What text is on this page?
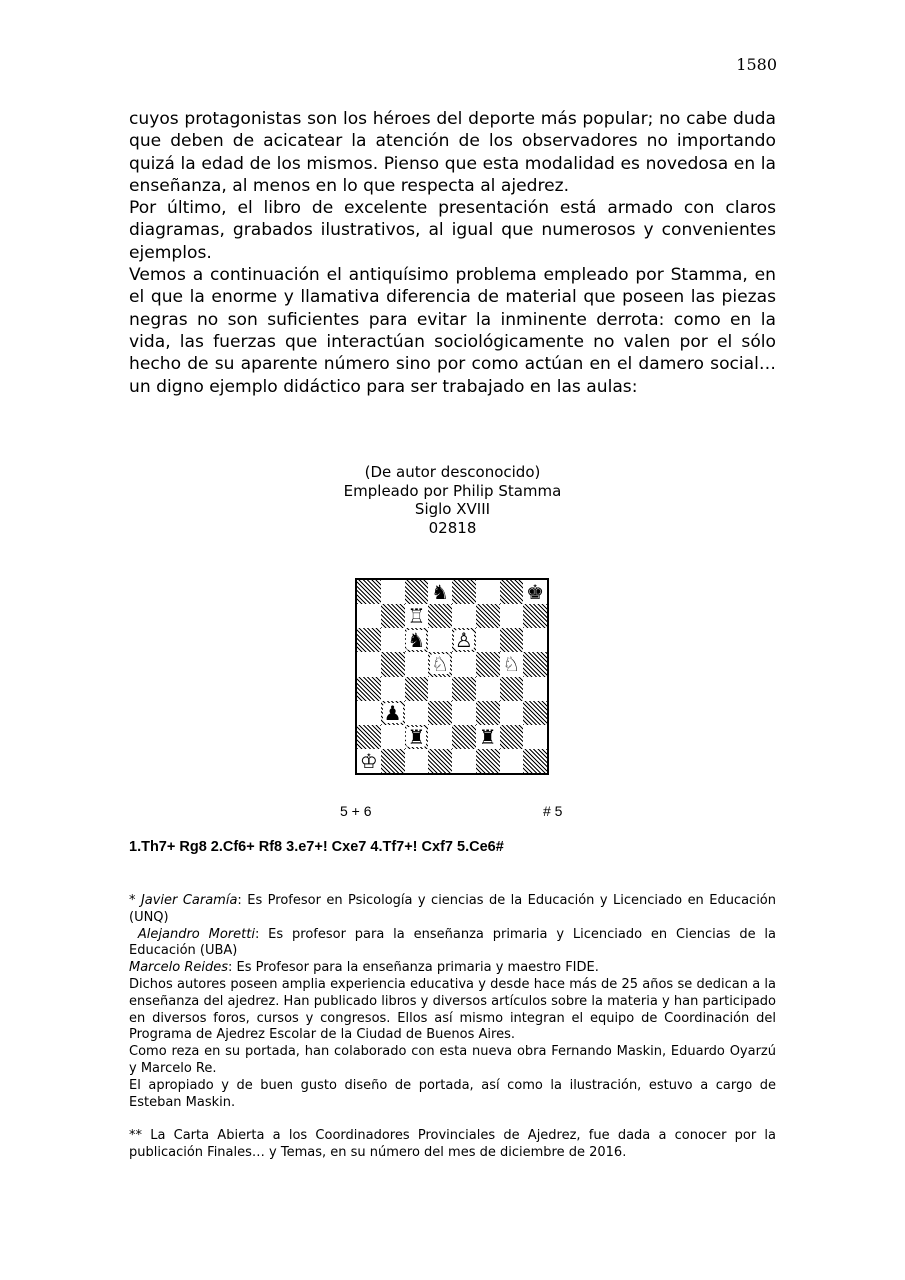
1580

cuyos protagonistas son los héroes del deporte más popular; no cabe duda que deben de acicatear la atención de los observadores no importando quizá la edad de los mismos. Pienso que esta modalidad es novedosa en la enseñanza, al menos en lo que respecta al ajedrez.

Por último, el libro de excelente presentación está armado con claros diagramas, grabados ilustrativos, al igual que numerosos y convenientes ejemplos.

Vemos a continuación el antiquísimo problema empleado por Stamma, en el que la enorme y llamativa diferencia de material que poseen las piezas negras no son suficientes para evitar la inminente derrota: como en la vida, las fuerzas que interactúan sociológicamente no valen por el sólo hecho de su aparente número sino por como actúan en el damero social… un digno ejemplo didáctico para ser trabajado en las aulas:

(De autor desconocido)
Empleado por Philip Stamma
Siglo XVIII
02818
♞	♚
♖
♞ ♙
♘	♘
♟
♜	♜
♔
5 + 6	# 5
1.Th7+ Rg8 2.Cf6+ Rf8 3.e7+! Cxe7 4.Tf7+! Cxf7 5.Ce6#

* Javier Caramía: Es Profesor en Psicología y ciencias de la Educación y Licenciado en Educación (UNQ)

Alejandro Moretti: Es profesor para la enseñanza primaria y Licenciado en Ciencias de la Educación (UBA)

Marcelo Reides: Es Profesor para la enseñanza primaria y maestro FIDE.

Dichos autores poseen amplia experiencia educativa y desde hace más de 25 años se dedican a la enseñanza del ajedrez. Han publicado libros y diversos artículos sobre la materia y han participado en diversos foros, cursos y congresos. Ellos así mismo integran el equipo de Coordinación del Programa de Ajedrez Escolar de la Ciudad de Buenos Aires.

Como reza en su portada, han colaborado con esta nueva obra Fernando Maskin, Eduardo Oyarzú y Marcelo Re.

El apropiado y de buen gusto diseño de portada, así como la ilustración, estuvo a cargo de Esteban Maskin.

** La Carta Abierta a los Coordinadores Provinciales de Ajedrez, fue dada a conocer por la publicación Finales… y Temas, en su número del mes de diciembre de 2016.
